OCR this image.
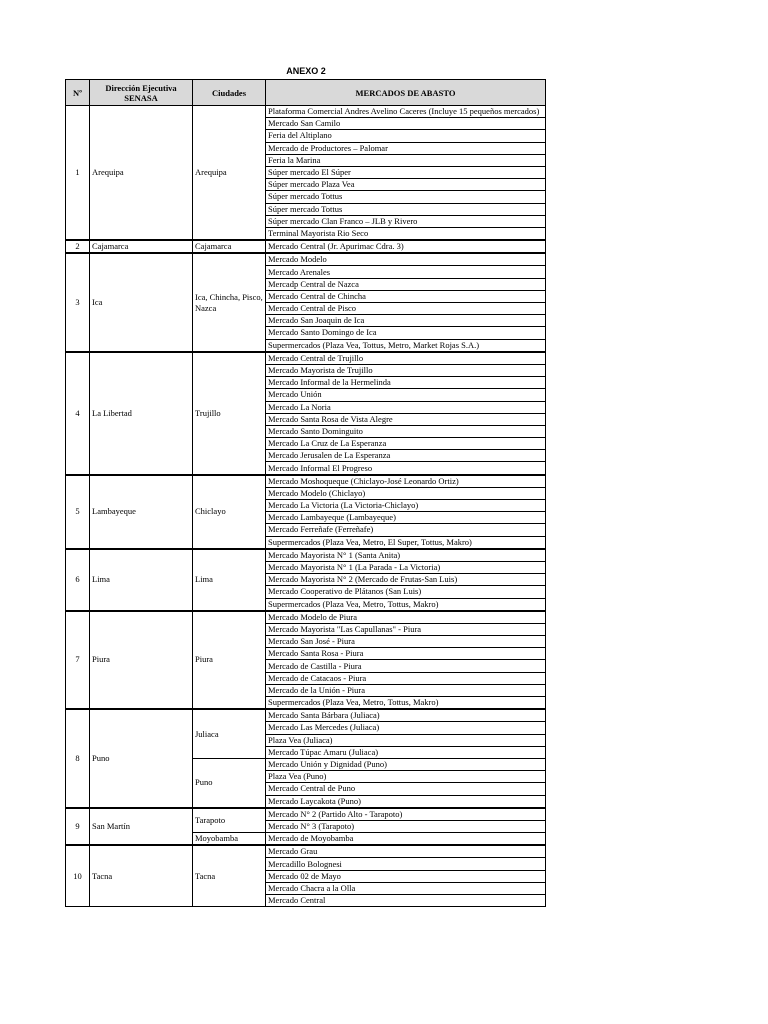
ANEXO 2
Nº	Dirección Ejecutiva SENASA	Ciudades	MERCADOS DE ABASTO
1	Arequipa	Arequipa	Plataforma Comercial Andres Avelino Caceres (Incluye 15 pequeños mercados)
			Mercado San Camilo
			Feria del Altiplano
			Mercado de Productores – Palomar
			Feria la Marina
			Súper mercado El Súper
			Súper mercado Plaza Vea
			Súper mercado Tottus
			Súper mercado Tottus
			Súper mercado Clan Franco – JLB y Rivero
			Terminal Mayorista Rio Seco
2	Cajamarca	Cajamarca	Mercado Central (Jr. Apurimac Cdra. 3)
3	Ica	Ica, Chincha, Pisco, Nazca	Mercado Modelo
			Mercado Arenales
			Mercadp Central de Nazca
			Mercado Central de Chincha
			Mercado Central de Pisco
			Mercado San Joaquin de Ica
			Mercado Santo Domingo de Ica
			Supermercados (Plaza Vea, Tottus, Metro, Market Rojas S.A.)
4	La Libertad	Trujillo	Mercado Central de Trujillo
			Mercado Mayorista de Trujillo
			Mercado Informal de la Hermelinda
			Mercado Unión
			Mercado La Noria
			Mercado Santa Rosa de Vista Alegre
			Mercado Santo Dominguito
			Mercado La Cruz de La Esperanza
			Mercado Jerusalen de La Esperanza
			Mercado Informal El Progreso
5	Lambayeque	Chiclayo	Mercado Moshoqueque (Chiclayo-José Leonardo Ortiz)
			Mercado Modelo (Chiclayo)
			Mercado La Victoria (La Victoria-Chiclayo)
			Mercado Lambayeque (Lambayeque)
			Mercado Ferreñafe (Ferreñafe)
			Supermercados (Plaza Vea, Metro, El Super, Tottus, Makro)
6	Lima	Lima	Mercado Mayorista N° 1 (Santa Anita)
			Mercado Mayorista N° 1 (La Parada - La Victoria)
			Mercado Mayorista N° 2 (Mercado de Frutas-San Luis)
			Mercado Cooperativo de Plátanos (San Luis)
			Supermercados (Plaza Vea, Metro, Tottus, Makro)
7	Piura	Piura	Mercado Modelo de Piura
			Mercado Mayorista "Las Capullanas" - Piura
			Mercado San José - Piura
			Mercado Santa Rosa - Piura
			Mercado de Castilla - Piura
			Mercado de Catacaos - Piura
			Mercado de la Unión - Piura
			Supermercados (Plaza Vea, Metro, Tottus, Makro)
8	Puno	Juliaca	Mercado Santa Bárbara (Juliaca)
			Mercado Las Mercedes (Juliaca)
			Plaza Vea (Juliaca)
			Mercado Túpac Amaru (Juliaca)
		Puno	Mercado Unión y Dignidad (Puno)
			Plaza Vea (Puno)
			Mercado Central de Puno
			Mercado Laycakota (Puno)
9	San Martín	Tarapoto	Mercado N° 2 (Partido Alto - Tarapoto)
			Mercado N° 3 (Tarapoto)
		Moyobamba	Mercado de Moyobamba
10	Tacna	Tacna	Mercado Grau
			Mercadillo Bolognesi
			Mercado 02 de Mayo
			Mercado Chacra a la Olla
			Mercado Central
